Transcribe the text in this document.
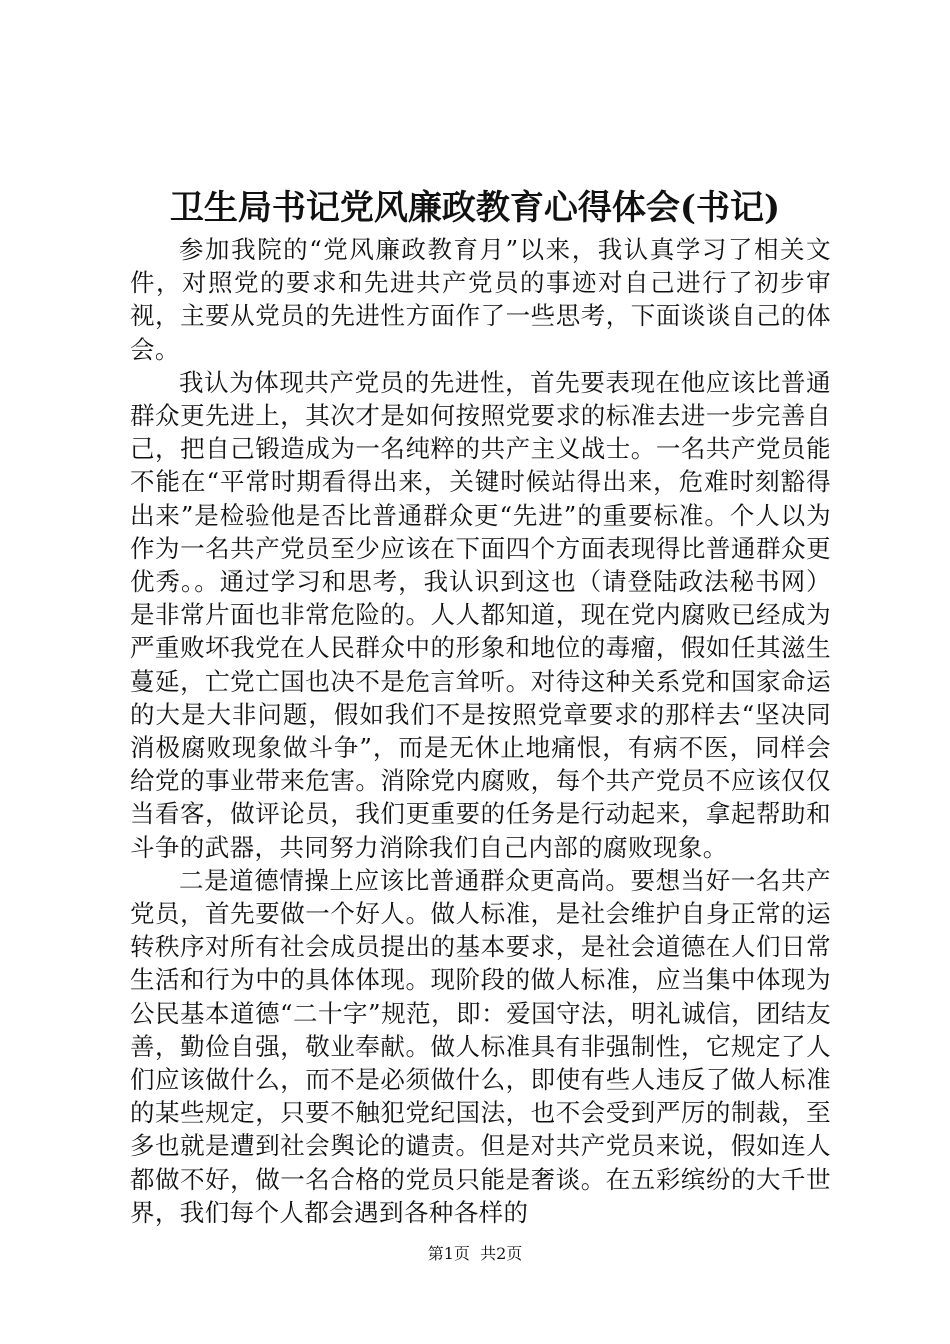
卫生局书记党风廉政教育心得体会(书记)

参加我院的“党风廉政教育月”以来，我认真学习了相关文件，对照党的要求和先进共产党员的事迹对自己进行了初步审视，主要从党员的先进性方面作了一些思考，下面谈谈自己的体会。

我认为体现共产党员的先进性，首先要表现在他应该比普通群众更先进上，其次才是如何按照党要求的标准去进一步完善自己，把自己锻造成为一名纯粹的共产主义战士。一名共产党员能不能在“平常时期看得出来，关键时候站得出来，危难时刻豁得出来”是检验他是否比普通群众更“先进”的重要标准。个人以为作为一名共产党员至少应该在下面四个方面表现得比普通群众更优秀。。通过学习和思考，我认识到这也（请登陆政法秘书网）是非常片面也非常危险的。人人都知道，现在党内腐败已经成为严重败坏我党在人民群众中的形象和地位的毒瘤，假如任其滋生蔓延，亡党亡国也决不是危言耸听。对待这种关系党和国家命运的大是大非问题，假如我们不是按照党章要求的那样去“坚决同消极腐败现象做斗争”，而是无休止地痛恨，有病不医，同样会给党的事业带来危害。消除党内腐败，每个共产党员不应该仅仅当看客，做评论员，我们更重要的任务是行动起来，拿起帮助和斗争的武器，共同努力消除我们自己内部的腐败现象。

二是道德情操上应该比普通群众更高尚。要想当好一名共产党员，首先要做一个好人。做人标准，是社会维护自身正常的运转秩序对所有社会成员提出的基本要求，是社会道德在人们日常生活和行为中的具体体现。现阶段的做人标准，应当集中体现为公民基本道德“二十字”规范，即：爱国守法，明礼诚信，团结友善，勤俭自强，敬业奉献。做人标准具有非强制性，它规定了人们应该做什么，而不是必须做什么，即使有些人违反了做人标准的某些规定，只要不触犯党纪国法，也不会受到严厉的制裁，至多也就是遭到社会舆论的谴责。但是对共产党员来说，假如连人都做不好，做一名合格的党员只能是奢谈。在五彩缤纷的大千世界，我们每个人都会遇到各种各样的

第1页  共2页
